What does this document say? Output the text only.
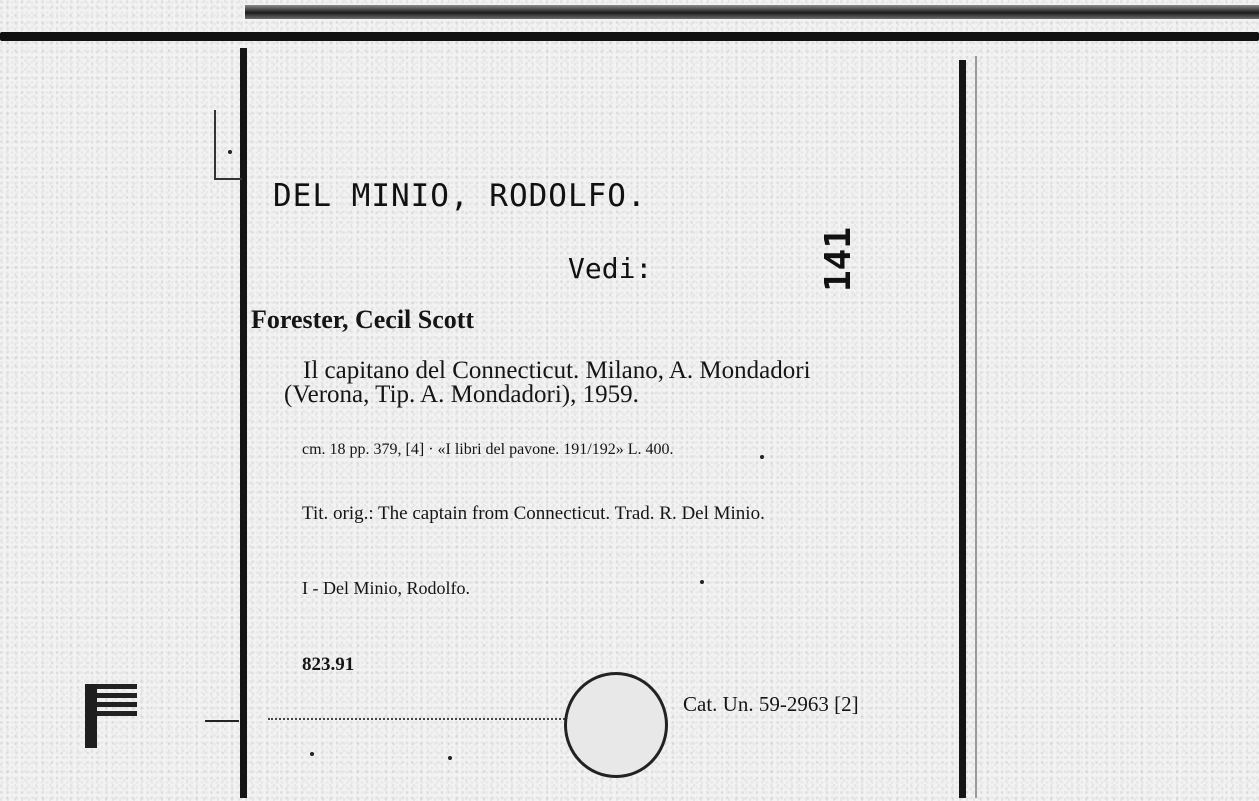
DEL MINIO, RODOLFO.
Vedi:	141
Forester, Cecil Scott
Il capitano del Connecticut. Milano, A. Mondadori
(Verona, Tip. A. Mondadori), 1959.
cm. 18 pp. 379, [4] · «I libri del pavone. 191/192» L. 400.
Tit. orig.: The captain from Connecticut. Trad. R. Del Minio.
I - Del Minio, Rodolfo.
823.91
Cat. Un. 59-2963 [2]
